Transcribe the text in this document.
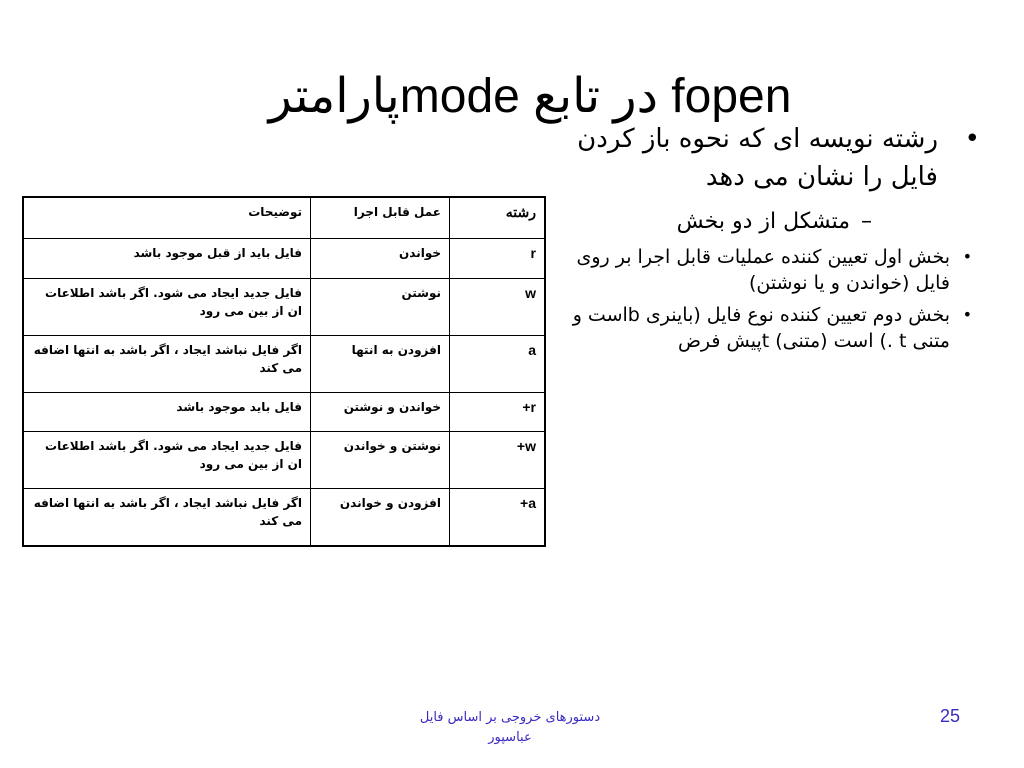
پارامترmode در تابع fopen
•
رشته نویسه ای که نحوه باز کردن فایل را نشان می دهد
–
متشکل از دو بخش
•
بخش اول تعیین کننده عملیات قابل اجرا بر روی فایل (خواندن و یا نوشتن)
•
بخش دوم تعیین کننده نوع فایل (باینری bاست و متنی t .) است (متنی) tپیش فرض
رشته	عمل قابل اجرا	توضیحات
r	خواندن	فایل باید از قبل موجود باشد
w	نوشتن	فایل جدید ایجاد می شود. اگر باشد اطلاعات ان از بین می رود
a	افزودن به انتها	اگر فایل نباشد ایجاد ، اگر باشد به انتها اضافه می کند
r+	خواندن و نوشتن	فایل باید موجود باشد
w+	نوشتن و خواندن	فایل جدید ایجاد می شود. اگر باشد اطلاعات ان از بین می رود
a+	افزودن و خواندن	اگر فایل نباشد ایجاد ، اگر باشد به انتها اضافه می کند
دستورهای خروجی بر اساس فایل
عباسپور
25
